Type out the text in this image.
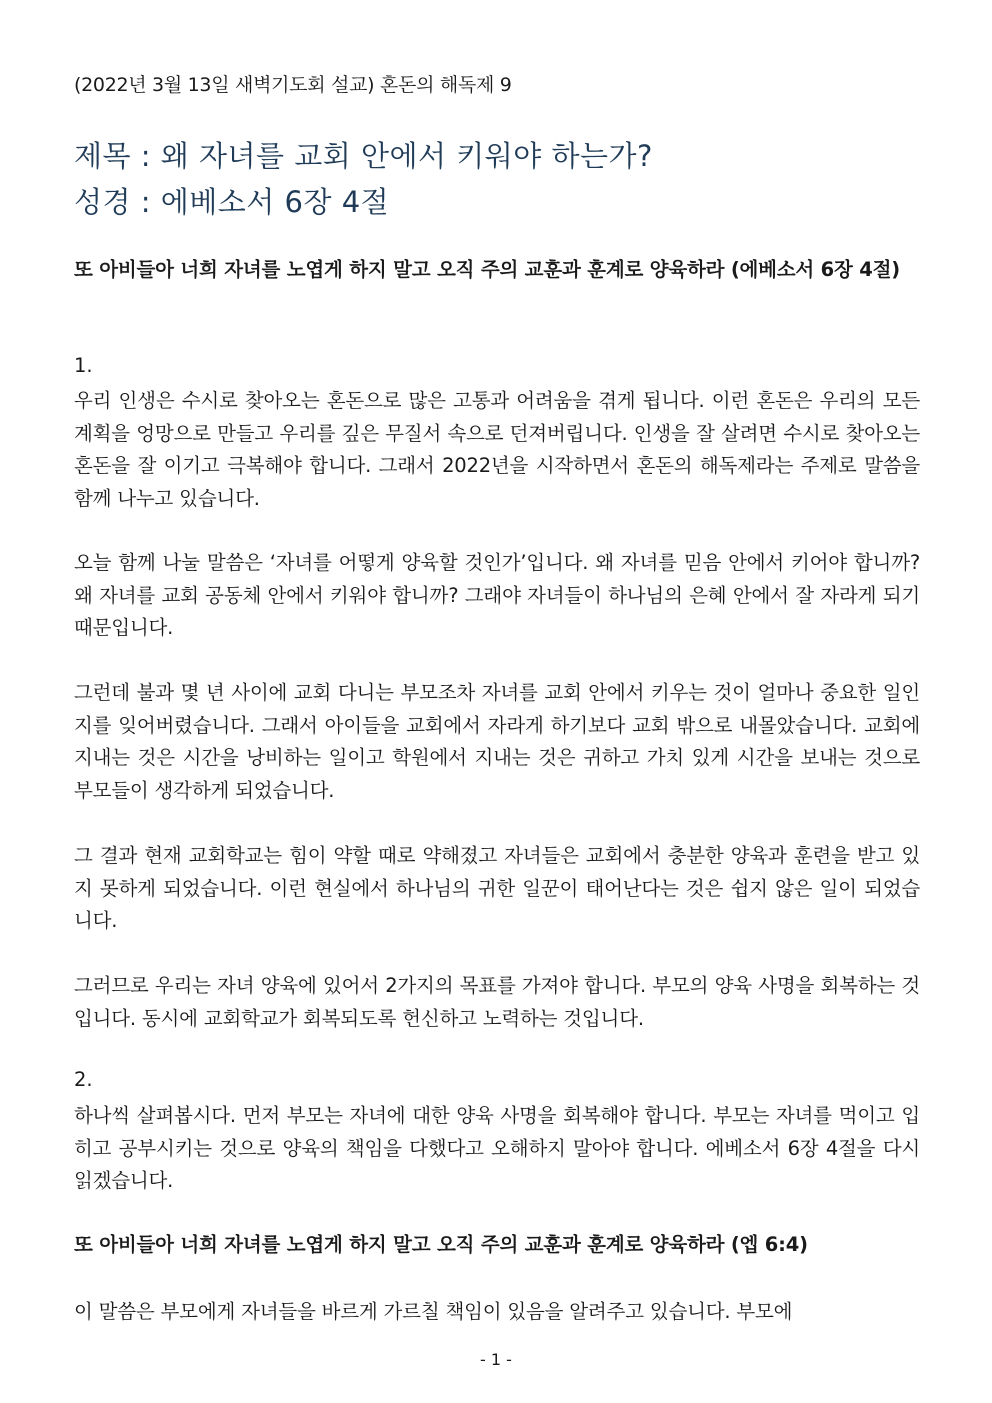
(2022년 3월 13일 새벽기도회 설교) 혼돈의 해독제 9
제목 : 왜 자녀를 교회 안에서 키워야 하는가?
성경 : 에베소서 6장 4절
또 아비들아 너희 자녀를 노엽게 하지 말고 오직 주의 교훈과 훈계로 양육하라 (에베소서 6장 4절)
1.
우리 인생은 수시로 찾아오는 혼돈으로 많은 고통과 어려움을 겪게 됩니다. 이런 혼돈은 우리의 모든 계획을 엉망으로 만들고 우리를 깊은 무질서 속으로 던져버립니다. 인생을 잘 살려면 수시로 찾아오는 혼돈을 잘 이기고 극복해야 합니다. 그래서 2022년을 시작하면서 혼돈의 해독제라는 주제로 말씀을 함께 나누고 있습니다.
오늘 함께 나눌 말씀은 ‘자녀를 어떻게 양육할 것인가’입니다. 왜 자녀를 믿음 안에서 키어야 합니까? 왜 자녀를 교회 공동체 안에서 키워야 합니까? 그래야 자녀들이 하나님의 은혜 안에서 잘 자라게 되기 때문입니다.
그런데 불과 몇 년 사이에 교회 다니는 부모조차 자녀를 교회 안에서 키우는 것이 얼마나 중요한 일인지를 잊어버렸습니다. 그래서 아이들을 교회에서 자라게 하기보다 교회 밖으로 내몰았습니다. 교회에 지내는 것은 시간을 낭비하는 일이고 학원에서 지내는 것은 귀하고 가치 있게 시간을 보내는 것으로 부모들이 생각하게 되었습니다.
그 결과 현재 교회학교는 힘이 약할 때로 약해졌고 자녀들은 교회에서 충분한 양육과 훈련을 받고 있지 못하게 되었습니다. 이런 현실에서 하나님의 귀한 일꾼이 태어난다는 것은 쉽지 않은 일이 되었습니다.
그러므로 우리는 자녀 양육에 있어서 2가지의 목표를 가져야 합니다. 부모의 양육 사명을 회복하는 것입니다. 동시에 교회학교가 회복되도록 헌신하고 노력하는 것입니다.
2.
하나씩 살펴봅시다. 먼저 부모는 자녀에 대한 양육 사명을 회복해야 합니다. 부모는 자녀를 먹이고 입히고 공부시키는 것으로 양육의 책임을 다했다고 오해하지 말아야 합니다. 에베소서 6장 4절을 다시 읽겠습니다.
또 아비들아 너희 자녀를 노엽게 하지 말고 오직 주의 교훈과 훈계로 양육하라 (엡 6:4)
이 말씀은 부모에게 자녀들을 바르게 가르칠 책임이 있음을 알려주고 있습니다. 부모에
- 1 -
